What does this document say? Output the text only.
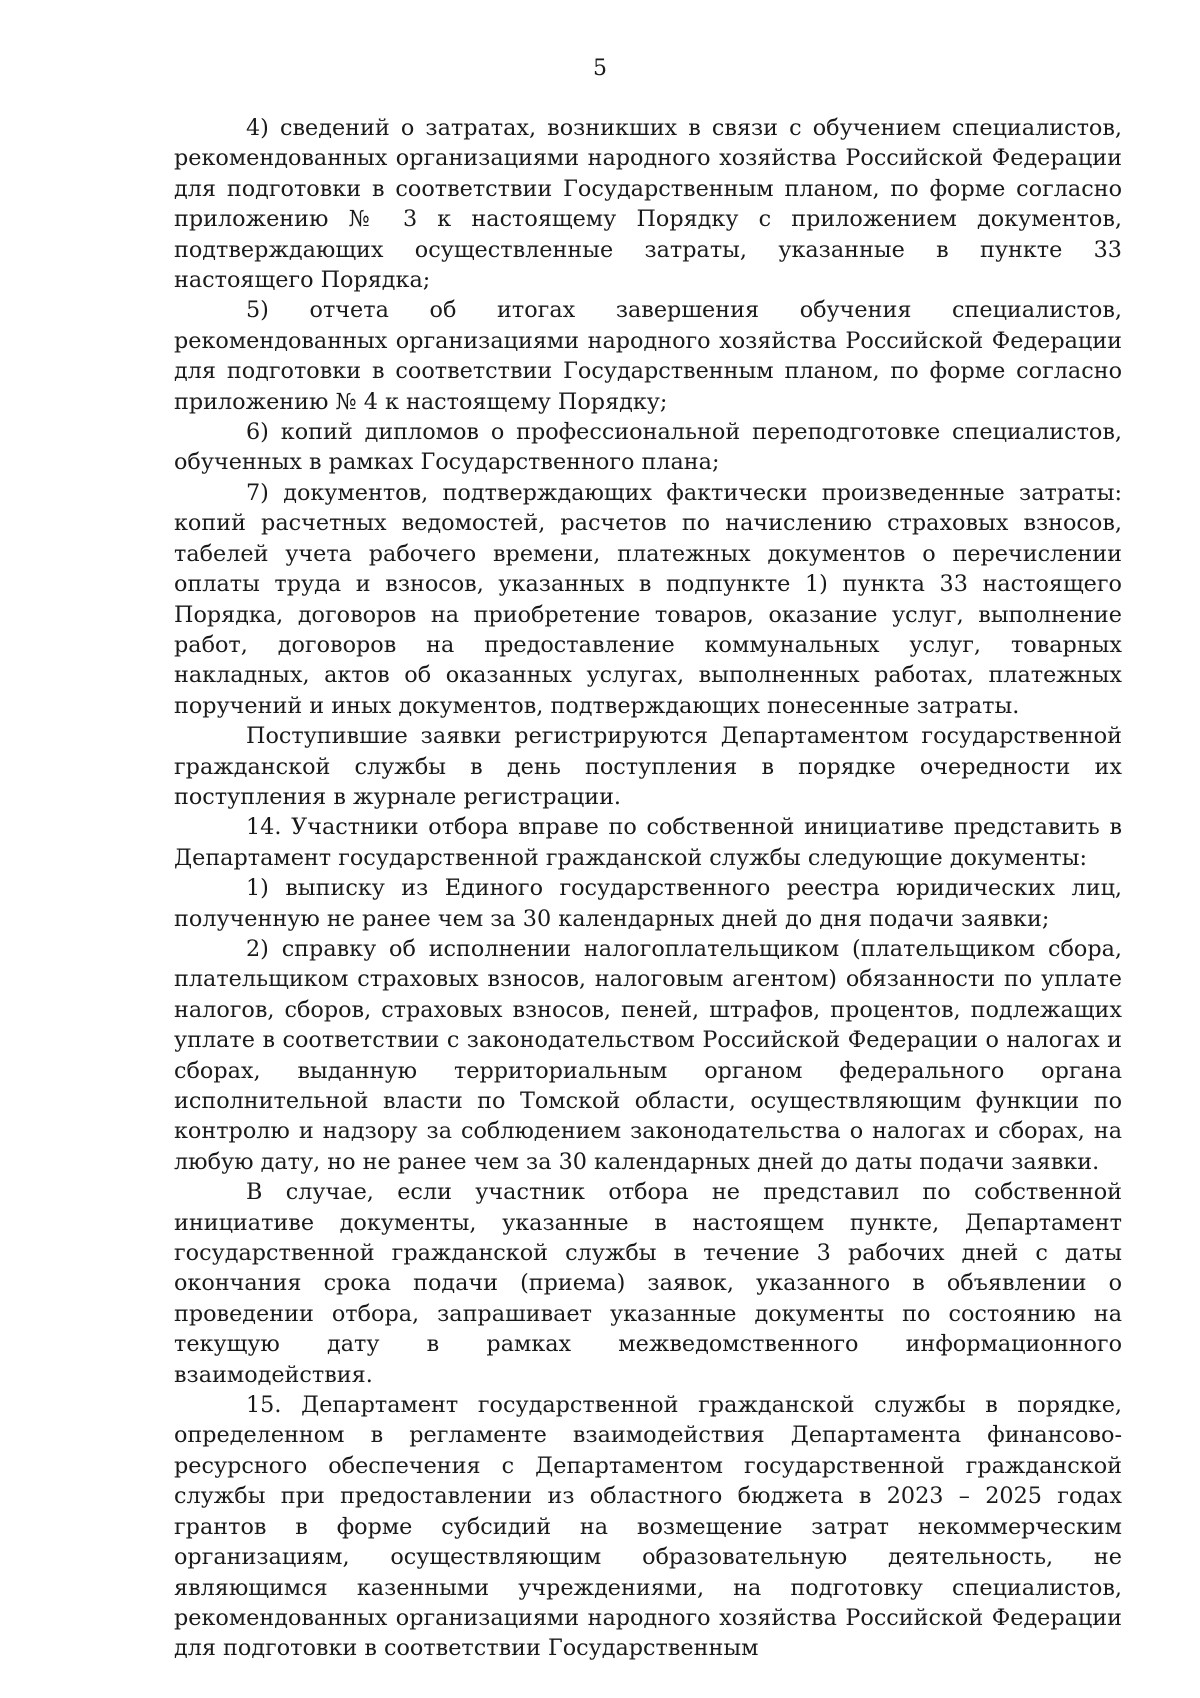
5

4) сведений о затратах, возникших в связи с обучением специалистов, рекомендованных организациями народного хозяйства Российской Федерации для подготовки в соответствии Государственным планом, по форме согласно приложению № 3 к настоящему Порядку с приложением документов, подтверждающих осуществленные затраты, указанные в пункте 33 настоящего Порядка;

5) отчета об итогах завершения обучения специалистов, рекомендованных организациями народного хозяйства Российской Федерации для подготовки в соответствии Государственным планом, по форме согласно приложению № 4 к настоящему Порядку;

6) копий дипломов о профессиональной переподготовке специалистов, обученных в рамках Государственного плана;

7) документов, подтверждающих фактически произведенные затраты: копий расчетных ведомостей, расчетов по начислению страховых взносов, табелей учета рабочего времени, платежных документов о перечислении оплаты труда и взносов, указанных в подпункте 1) пункта 33 настоящего Порядка, договоров на приобретение товаров, оказание услуг, выполнение работ, договоров на предоставление коммунальных услуг, товарных накладных, актов об оказанных услугах, выполненных работах, платежных поручений и иных документов, подтверждающих понесенные затраты.

Поступившие заявки регистрируются Департаментом государственной гражданской службы в день поступления в порядке очередности их поступления в журнале регистрации.

14. Участники отбора вправе по собственной инициативе представить в Департамент государственной гражданской службы следующие документы:

1) выписку из Единого государственного реестра юридических лиц, полученную не ранее чем за 30 календарных дней до дня подачи заявки;

2) справку об исполнении налогоплательщиком (плательщиком сбора, плательщиком страховых взносов, налоговым агентом) обязанности по уплате налогов, сборов, страховых взносов, пеней, штрафов, процентов, подлежащих уплате в соответствии с законодательством Российской Федерации о налогах и сборах, выданную территориальным органом федерального органа исполнительной власти по Томской области, осуществляющим функции по контролю и надзору за соблюдением законодательства о налогах и сборах, на любую дату, но не ранее чем за 30 календарных дней до даты подачи заявки.

В случае, если участник отбора не представил по собственной инициативе документы, указанные в настоящем пункте, Департамент государственной гражданской службы в течение 3 рабочих дней с даты окончания срока подачи (приема) заявок, указанного в объявлении о проведении отбора, запрашивает указанные документы по состоянию на текущую дату в рамках межведомственного информационного взаимодействия.

15. Департамент государственной гражданской службы в порядке, определенном в регламенте взаимодействия Департамента финансово-ресурсного обеспечения с Департаментом государственной гражданской службы при предоставлении из областного бюджета в 2023 – 2025 годах грантов в форме субсидий на возмещение затрат некоммерческим организациям, осуществляющим образовательную деятельность, не являющимся казенными учреждениями, на подготовку специалистов, рекомендованных организациями народного хозяйства Российской Федерации для подготовки в соответствии Государственным
